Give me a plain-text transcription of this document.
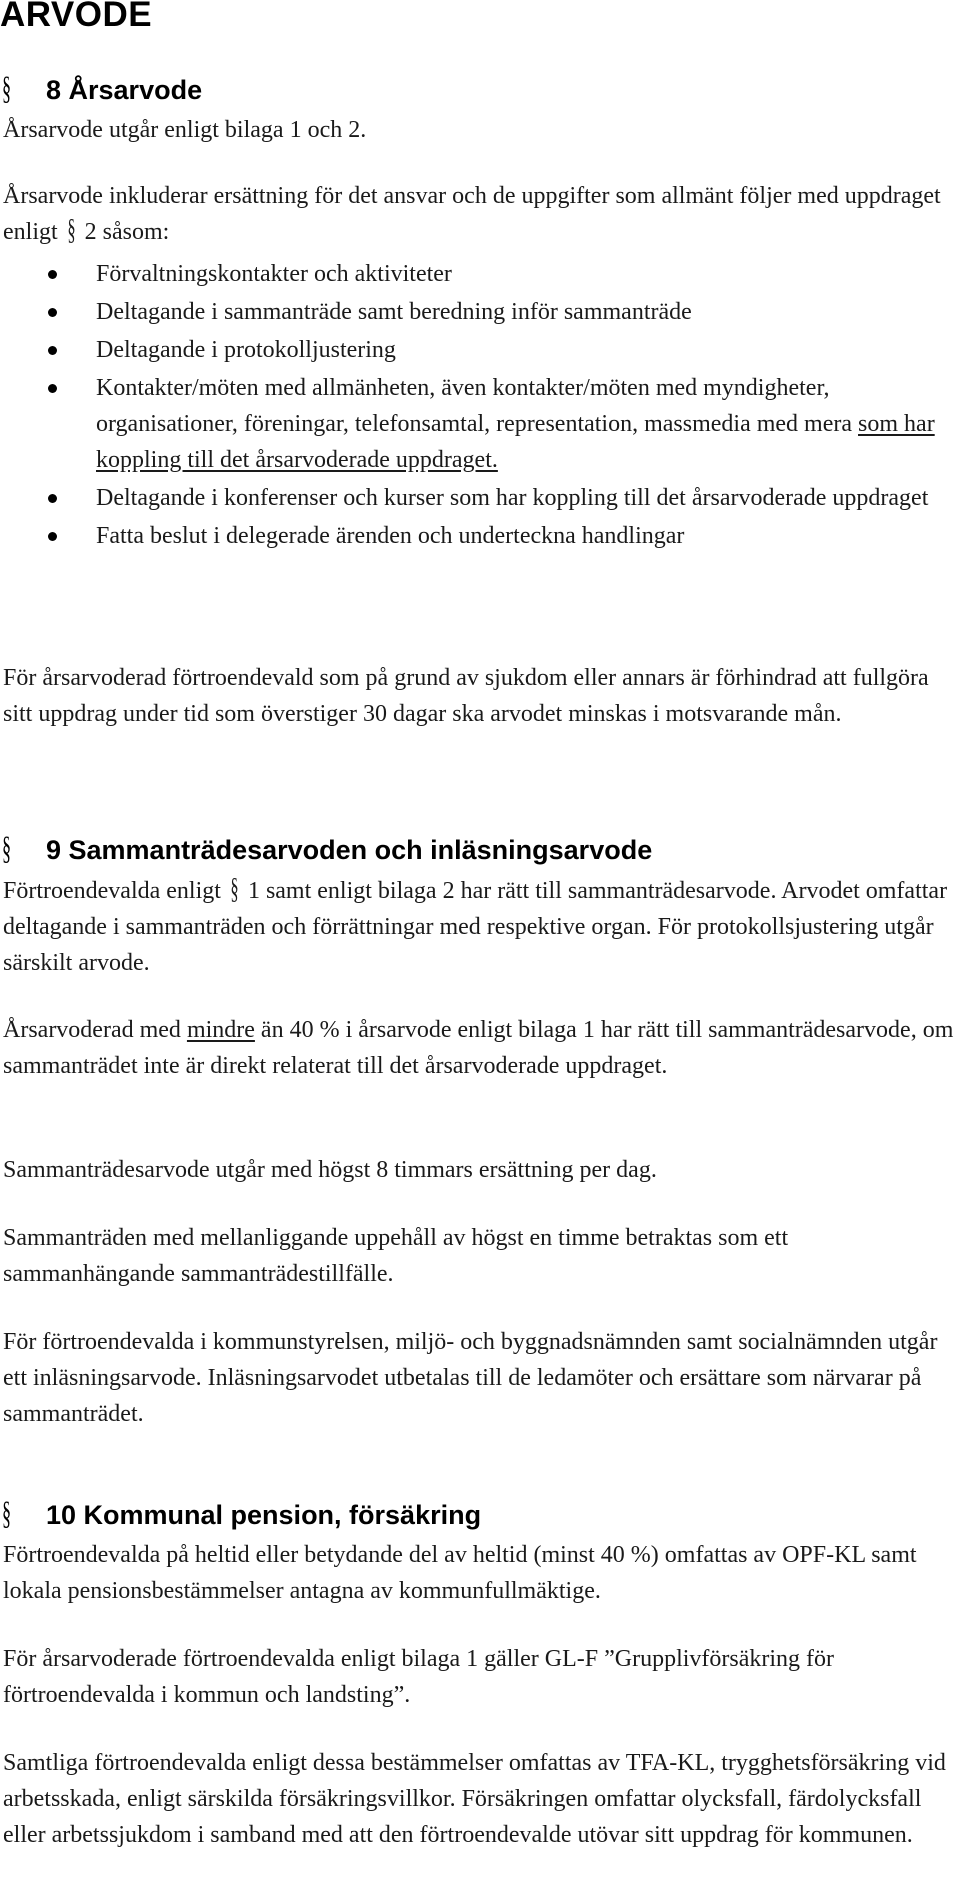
ARVODE
§ 8 Årsarvode

Årsarvode utgår enligt bilaga 1 och 2.

Årsarvode inkluderar ersättning för det ansvar och de uppgifter som allmänt följer med uppdraget enligt § 2 såsom:

Förvaltningskontakter och aktiviteter
Deltagande i sammanträde samt beredning inför sammanträde
Deltagande i protokolljustering
Kontakter/möten med allmänheten, även kontakter/möten med myndigheter, organisationer, föreningar, telefonsamtal, representation, massmedia med mera som har koppling till det årsarvoderade uppdraget.
Deltagande i konferenser och kurser som har koppling till det årsarvoderade uppdraget
Fatta beslut i delegerade ärenden och underteckna handlingar

För årsarvoderad förtroendevald som på grund av sjukdom eller annars är förhindrad att fullgöra sitt uppdrag under tid som överstiger 30 dagar ska arvodet minskas i motsvarande mån.

§ 9 Sammanträdesarvoden och inläsningsarvode

Förtroendevalda enligt § 1 samt enligt bilaga 2 har rätt till sammanträdesarvode. Arvodet omfattar deltagande i sammanträden och förrättningar med respektive organ. För protokollsjustering utgår särskilt arvode.

Årsarvoderad med mindre än 40 % i årsarvode enligt bilaga 1 har rätt till sammanträdesarvode, om sammanträdet inte är direkt relaterat till det årsarvoderade uppdraget.

Sammanträdesarvode utgår med högst 8 timmars ersättning per dag.

Sammanträden med mellanliggande uppehåll av högst en timme betraktas som ett sammanhängande sammanträdestillfälle.

För förtroendevalda i kommunstyrelsen, miljö- och byggnadsnämnden samt socialnämnden utgår ett inläsningsarvode. Inläsningsarvodet utbetalas till de ledamöter och ersättare som närvarar på sammanträdet.

§ 10 Kommunal pension, försäkring

Förtroendevalda på heltid eller betydande del av heltid (minst 40 %) omfattas av OPF-KL samt lokala pensionsbestämmelser antagna av kommunfullmäktige.

För årsarvoderade förtroendevalda enligt bilaga 1 gäller GL-F ”Grupplivförsäkring för förtroendevalda i kommun och landsting”.

Samtliga förtroendevalda enligt dessa bestämmelser omfattas av TFA-KL, trygghetsförsäkring vid arbetsskada, enligt särskilda försäkringsvillkor. Försäkringen omfattar olycksfall, färdolycksfall eller arbetssjukdom i samband med att den förtroendevalde utövar sitt uppdrag för kommunen.
